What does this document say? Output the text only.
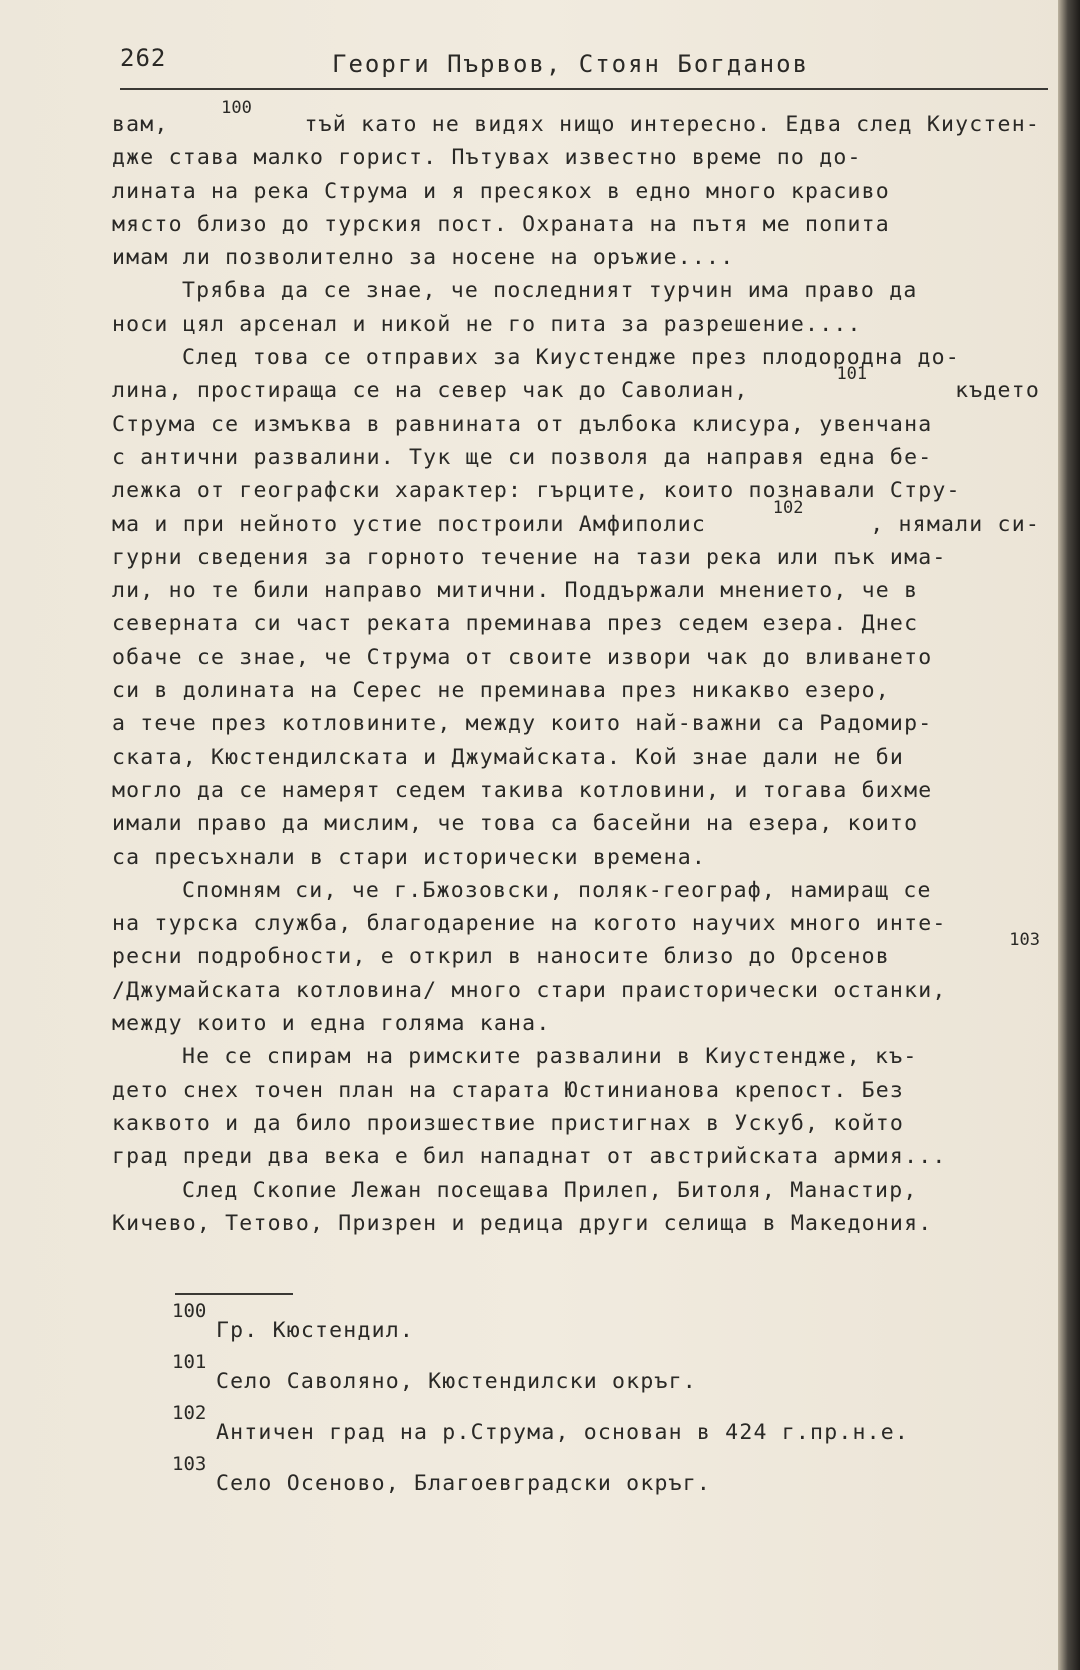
262	Георги Първов, Стоян Богданов
вам,
100
тъй като не видях нищо интересно. Едва след Киустен-
дже става малко горист. Пътувах известно време по до-
лината на река Струма и я пресякох в едно много красиво
място близо до турския пост. Охраната на пътя ме попита
имам ли позволително за носене на оръжие....
Трябва да се знае, че последният турчин има право да
носи цял арсенал и никой не го пита за разрешение....
След това се отправих за Киустендже през плодородна до-
лина, простираща се на север чак до Саволиан,
101
където
Струма се измъква в равнината от дълбока клисура, увенчана
с антични развалини. Тук ще си позволя да направя една бе-
лежка от географски характер: гърците, които познавали Стру-
ма и при нейното устие построили Амфиполис
102
, нямали си-
гурни сведения за горното течение на тази река или пък има-
ли, но те били направо митични. Поддържали мнението, че в
северната си част реката преминава през седем езера. Днес
обаче се знае, че Струма от своите извори чак до вливането
си в долината на Серес не преминава през никакво езеро,
а тече през котловините, между които най-важни са Радомир-
ската, Кюстендилската и Джумайската. Кой знае дали не би
могло да се намерят седем такива котловини, и тогава бихме
имали право да мислим, че това са басейни на езера, които
са пресъхнали в стари исторически времена.
Спомням си, че г.Бжозовски, поляк-географ, намиращ се
на турска служба, благодарение на когото научих много инте-
ресни подробности, е открил в наносите близо до Орсенов
103
/Джумайската котловина/ много стари праисторически останки,
между които и една голяма кана.
Не се спирам на римските развалини в Киустендже, къ-
дето снех точен план на старата Юстинианова крепост. Без
каквото и да било произшествие пристигнах в Ускуб, който
град преди два века е бил нападнат от австрийската армия...
След Скопие Лежан посещава Прилеп, Битоля, Манастир,
Кичево, Тетово, Призрен и редица други селища в Македония.
100
Гр. Кюстендил.
101
Село Саволяно, Кюстендилски окръг.
102
Античен град на р.Струма, основан в 424 г.пр.н.е.
103
Село Осеново, Благоевградски окръг.
